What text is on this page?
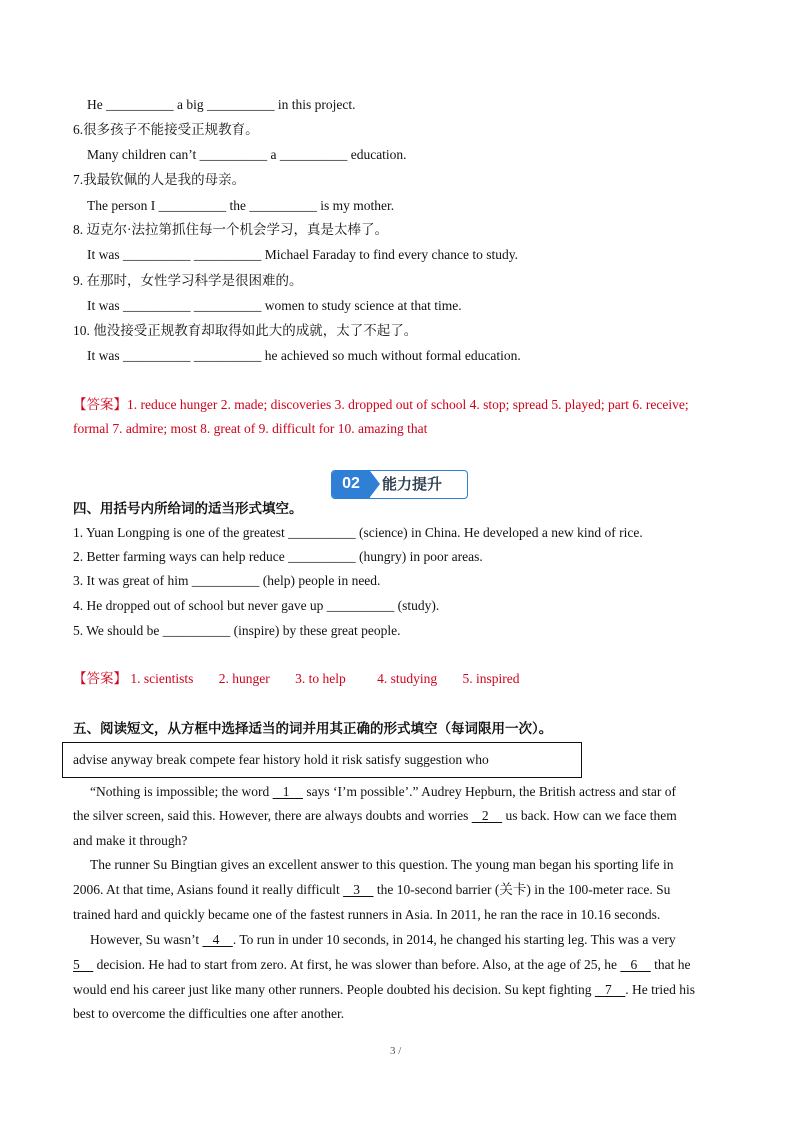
He __________ a big __________ in this project.
6.很多孩子不能接受正规教育。
Many children can’t __________ a __________ education.
7.我最钦佩的人是我的母亲。
The person I __________ the __________ is my mother.
8. 迈克尔·法拉第抓住每一个机会学习，真是太棒了。
It was __________ __________ Michael Faraday to find every chance to study.
9. 在那时，女性学习科学是很困难的。
It was __________ __________ women to study science at that time.
10. 他没接受正规教育却取得如此大的成就，太了不起了。
It was __________ __________ he achieved so much without formal education.
【答案】1. reduce hunger 2. made; discoveries 3. dropped out of school 4. stop; spread 5. played; part 6. receive;
formal 7. admire; most 8. great of 9. difficult for 10. amazing that
02	能力提升
四、用括号内所给词的适当形式填空。
1. Yuan Longping is one of the greatest __________ (science) in China. He developed a new kind of rice.
2. Better farming ways can help reduce __________ (hungry) in poor areas.
3. It was great of him __________ (help) people in need.
4. He dropped out of school but never gave up __________ (study).
5. We should be __________ (inspire) by these great people.
【答案】 1. scientists 2. hunger 3. to help 4. studying 5. inspired
五、阅读短文，从方框中选择适当的词并用其正确的形式填空（每词限用一次）。
advise anyway break compete fear history hold it risk satisfy suggestion who
“Nothing is impossible; the word    1     says ‘I’m possible’.” Audrey Hepburn, the British actress and star of
the silver screen, said this. However, there are always doubts and worries    2     us back. How can we face them
and make it through?
The runner Su Bingtian gives an excellent answer to this question. The young man began his sporting life in
2006. At that time, Asians found it really difficult    3     the 10-second barrier (关卡) in the 100-meter race. Su
trained hard and quickly became one of the fastest runners in Asia. In 2011, he ran the race in 10.16 seconds.
However, Su wasn’t    4    . To run in under 10 seconds, in 2014, he changed his starting leg. This was a very
5     decision. He had to start from zero. At first, he was slower than before. Also, at the age of 25, he    6     that he
would end his career just like many other runners. People doubted his decision. Su kept fighting    7    . He tried his
best to overcome the difficulties one after another.
3 /
